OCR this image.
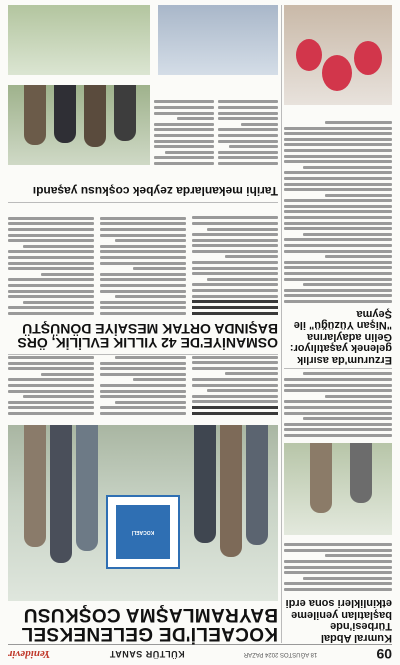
09
18 AĞUSTOS 2024 PAZAR
KÜLTÜR SANAT
Yenidevir
KOCAELİ'DE GELENEKSEL BAYRAMLAŞMA COŞKUSU
KOCAELİ
OSMANİYE'DE 42 YILLIK EVLİLİK, ÖRS BAŞINDA ORTAK MESAİYE DÖNÜŞTÜ
Tarihi mekanlarda zeybek coşkusu yaşandı
Kumral Abdal Türbesi'nde başlatılan yenileme etkinlikleri sona erdi
Erzurum'da asırlık gelenek yaşatılıyor: Gelin adaylarına "Nişan Yüzüğü" ile Şeyma
